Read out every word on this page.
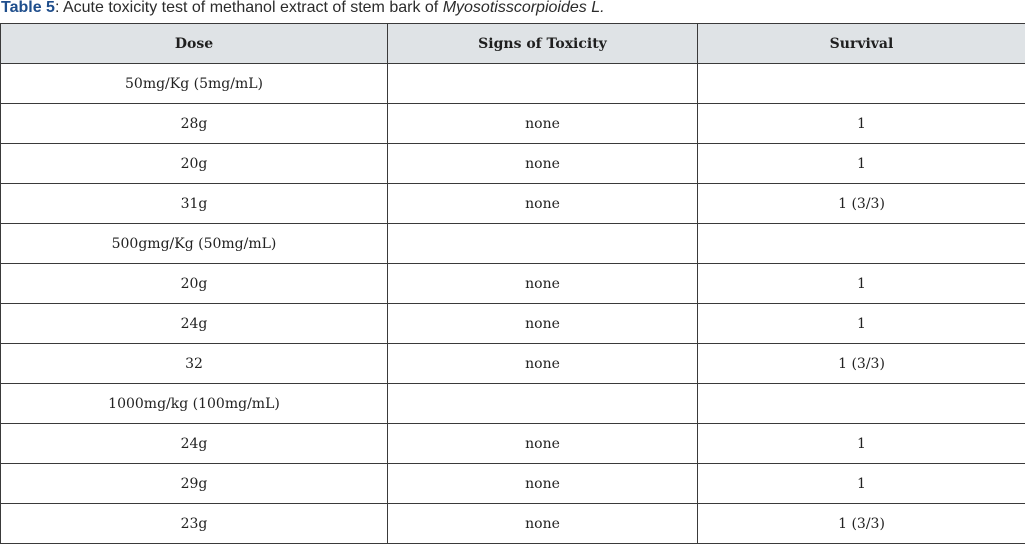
Table 5: Acute toxicity test of methanol extract of stem bark of Myosotisscorpioides L.
Dose	Signs of Toxicity	Survival
50mg/Kg (5mg/mL)		
28g	none	1
20g	none	1
31g	none	1 (3/3)
500gmg/Kg (50mg/mL)		
20g	none	1
24g	none	1
32	none	1 (3/3)
1000mg/kg (100mg/mL)		
24g	none	1
29g	none	1
23g	none	1 (3/3)
